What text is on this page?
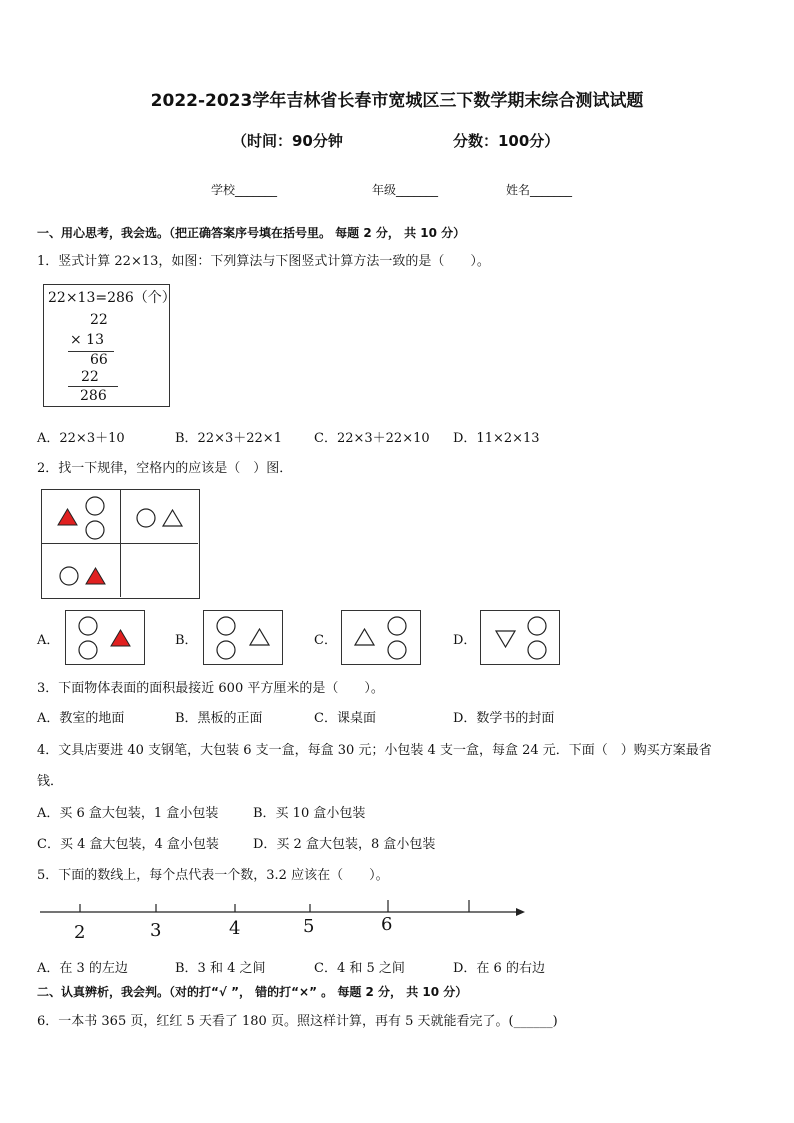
2022-2023学年吉林省长春市宽城区三下数学期末综合测试试题
（时间：90分钟	分数：100分）
学校_______	年级_______	姓名_______
一、用心思考，我会选。（把正确答案序号填在括号里。 每题 2 分， 共 10 分）
1．竖式计算 22×13，如图：下列算法与下图竖式计算方法一致的是（　　）。
22×13=286（个）
22
× 13
66
22
286
A．22×3＋10	B．22×3＋22×1 C．22×3＋22×10 D．11×2×13
2．找一下规律，空格内的应该是（　）图．
A．	B．	C．	D．
3．下面物体表面的面积最接近 600 平方厘米的是（　　）。
A．教室的地面	B．黑板的正面	C．课桌面	D．数学书的封面
4．文具店要进 40 支钢笔，大包装 6 支一盒，每盒 30 元；小包装 4 支一盒，每盒 24 元．下面（　）购买方案最省
钱．
A．买 6 盒大包装，1 盒小包装	B．买 10 盒小包装
C．买 4 盒大包装，4 盒小包装	D．买 2 盒大包装，8 盒小包装
5．下面的数线上，每个点代表一个数，3.2 应该在（　　）。
2	3	4	5	6
A．在 3 的左边	B．3 和 4 之间	C．4 和 5 之间	D．在 6 的右边
二、认真辨析，我会判。（对的打“√ ”， 错的打“×” 。 每题 2 分， 共 10 分）
6．一本书 365 页，红红 5 天看了 180 页。照这样计算，再有 5 天就能看完了。(______)
